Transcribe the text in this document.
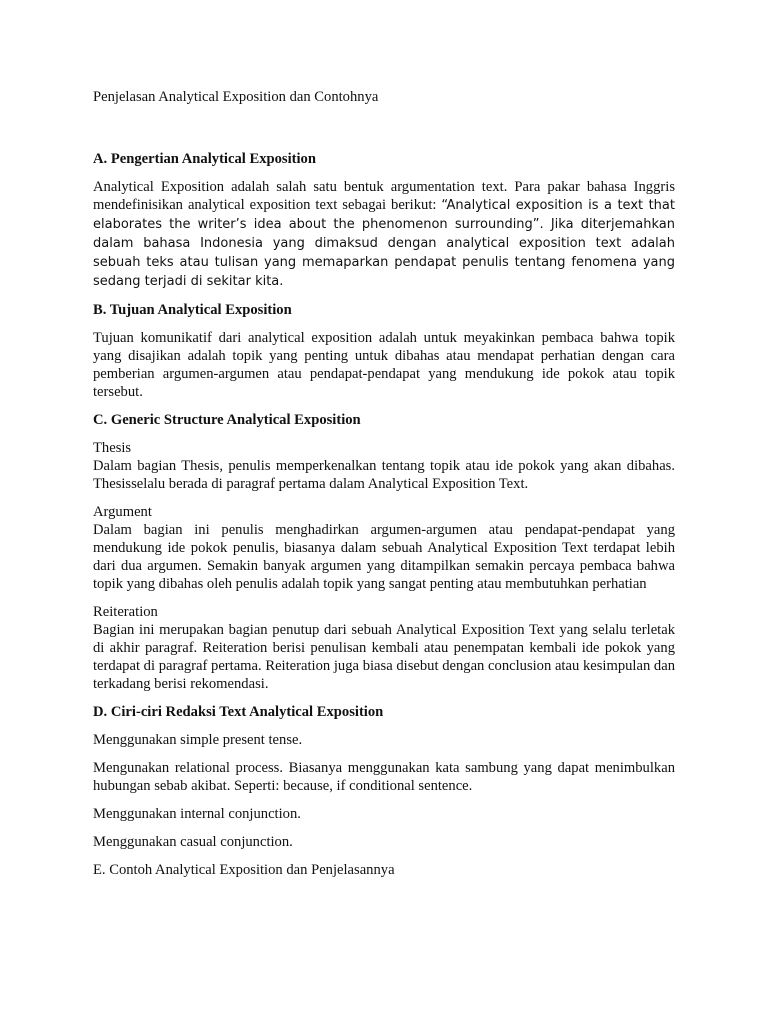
Penjelasan Analytical Exposition dan Contohnya

A. Pengertian Analytical Exposition

Analytical Exposition adalah salah satu bentuk argumentation text. Para pakar bahasa Inggris mendefinisikan analytical exposition text sebagai berikut: “Analytical exposition is a text that elaborates the writer’s idea about the phenomenon surrounding”. Jika diterjemahkan dalam bahasa Indonesia yang dimaksud dengan analytical exposition text adalah sebuah teks atau tulisan yang memaparkan pendapat penulis tentang fenomena yang sedang terjadi di sekitar kita.

B. Tujuan Analytical Exposition

Tujuan komunikatif dari analytical exposition adalah untuk meyakinkan pembaca bahwa topik yang disajikan adalah topik yang penting untuk dibahas atau mendapat perhatian dengan cara pemberian argumen-argumen atau pendapat-pendapat yang mendukung ide pokok atau topik tersebut.

C. Generic Structure Analytical Exposition

Thesis

Dalam bagian Thesis, penulis memperkenalkan tentang topik atau ide pokok yang akan dibahas. Thesisselalu berada di paragraf pertama dalam Analytical Exposition Text.

Argument

Dalam bagian ini penulis menghadirkan argumen-argumen atau pendapat-pendapat yang mendukung ide pokok penulis, biasanya dalam sebuah Analytical Exposition Text terdapat lebih dari dua argumen. Semakin banyak argumen yang ditampilkan semakin percaya pembaca bahwa topik yang dibahas oleh penulis adalah topik yang sangat penting atau membutuhkan perhatian

Reiteration

Bagian ini merupakan bagian penutup dari sebuah Analytical Exposition Text yang selalu terletak di akhir paragraf. Reiteration berisi penulisan kembali atau penempatan kembali ide pokok yang terdapat di paragraf pertama. Reiteration juga biasa disebut dengan conclusion atau kesimpulan dan terkadang berisi rekomendasi.

D. Ciri-ciri Redaksi Text Analytical Exposition

Menggunakan simple present tense.

Mengunakan relational process. Biasanya menggunakan kata sambung yang dapat menimbulkan hubungan sebab akibat. Seperti: because, if conditional sentence.

Menggunakan internal conjunction.

Menggunakan casual conjunction.

E. Contoh Analytical Exposition dan Penjelasannya
